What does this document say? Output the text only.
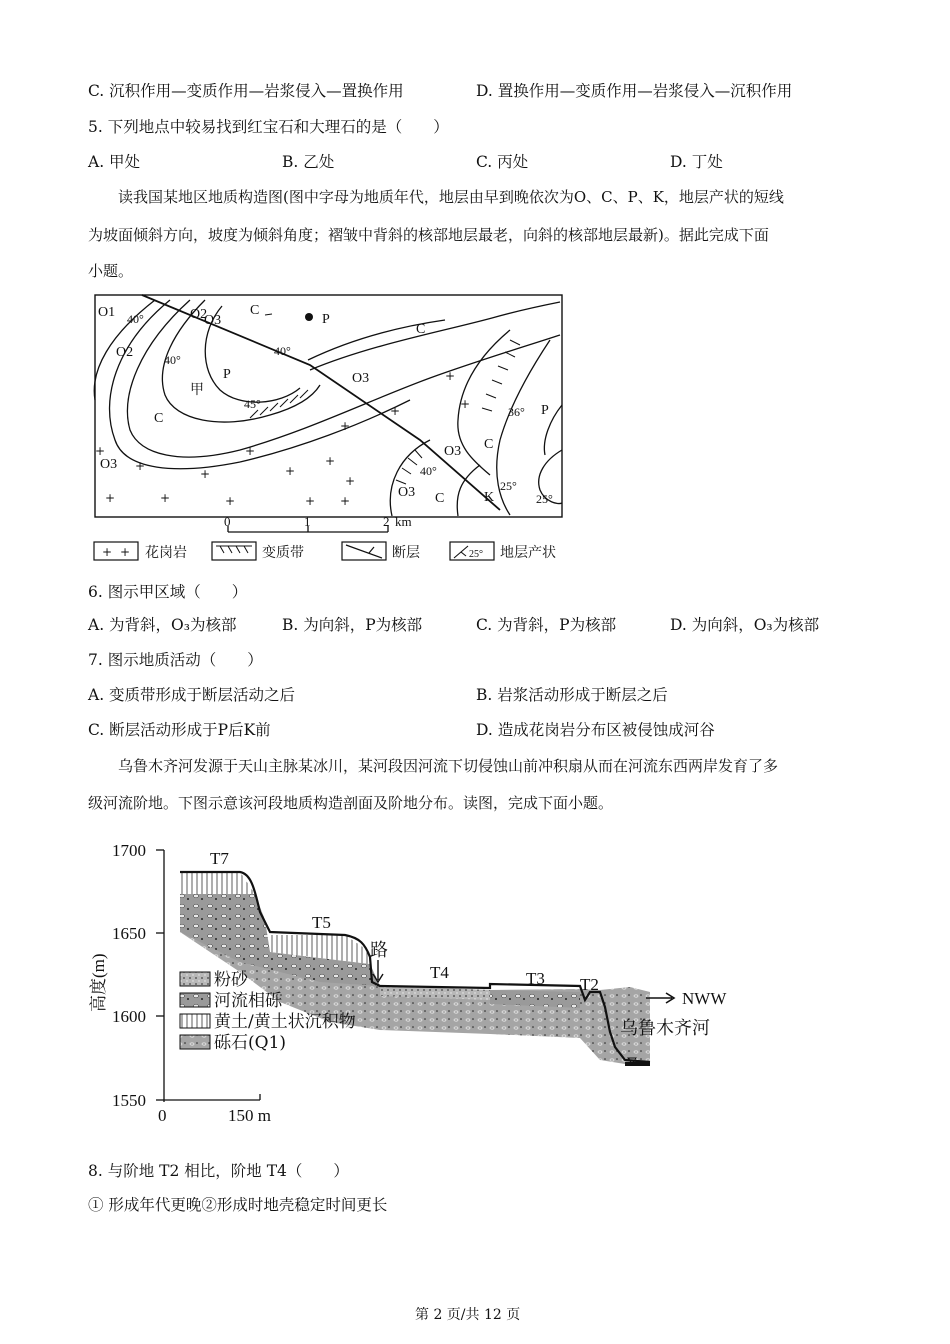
C. 沉积作用—变质作用—岩浆侵入—置换作用	D. 置换作用—变质作用—岩浆侵入—沉积作用
5. 下列地点中较易找到红宝石和大理石的是（　　）
A. 甲处	B. 乙处	C. 丙处	D. 丁处
读我国某地区地质构造图(图中字母为地质年代，地层由早到晚依次为O、C、P、K，地层产状的短线
为坡面倾斜方向，坡度为倾斜角度；褶皱中背斜的核部地层最老，向斜的核部地层最新)。据此完成下面
小题。
+
+
+
+
+
+
+
+	+
+	+	+	+ +
+
+
O1
O2
O2
O3
O3
O3
O3
O3
C
C
C
C
C
P
P
P
K
甲
40°
40°
40°
40°
45°
36°
25°
25°
0	1	2 km
+ +	25°
花岗岩	变质带	断层	地层产状
6. 图示甲区域（　　）
A. 为背斜，O₃为核部	B. 为向斜，P为核部	C. 为背斜，P为核部	D. 为向斜，O₃为核部
7. 图示地质活动（　　）
A. 变质带形成于断层活动之后	B. 岩浆活动形成于断层之后
C. 断层活动形成于P后K前	D. 造成花岗岩分布区被侵蚀成河谷
乌鲁木齐河发源于天山主脉某冰川，某河段因河流下切侵蚀山前冲积扇从而在河流东西两岸发育了多
级河流阶地。下图示意该河段地质构造剖面及阶地分布。读图，完成下面小题。
1700
1650
1600
1550
0	150 m
高度(m)
T7
T5
T4	T3 T2
路
NWW
乌鲁木齐河
粉砂
河流相砾
黄土/黄土状沉积物
砾石(Q1)
8. 与阶地 T2 相比，阶地 T4（　　）
① 形成年代更晚②形成时地壳稳定时间更长
第 2 页/共 12 页
